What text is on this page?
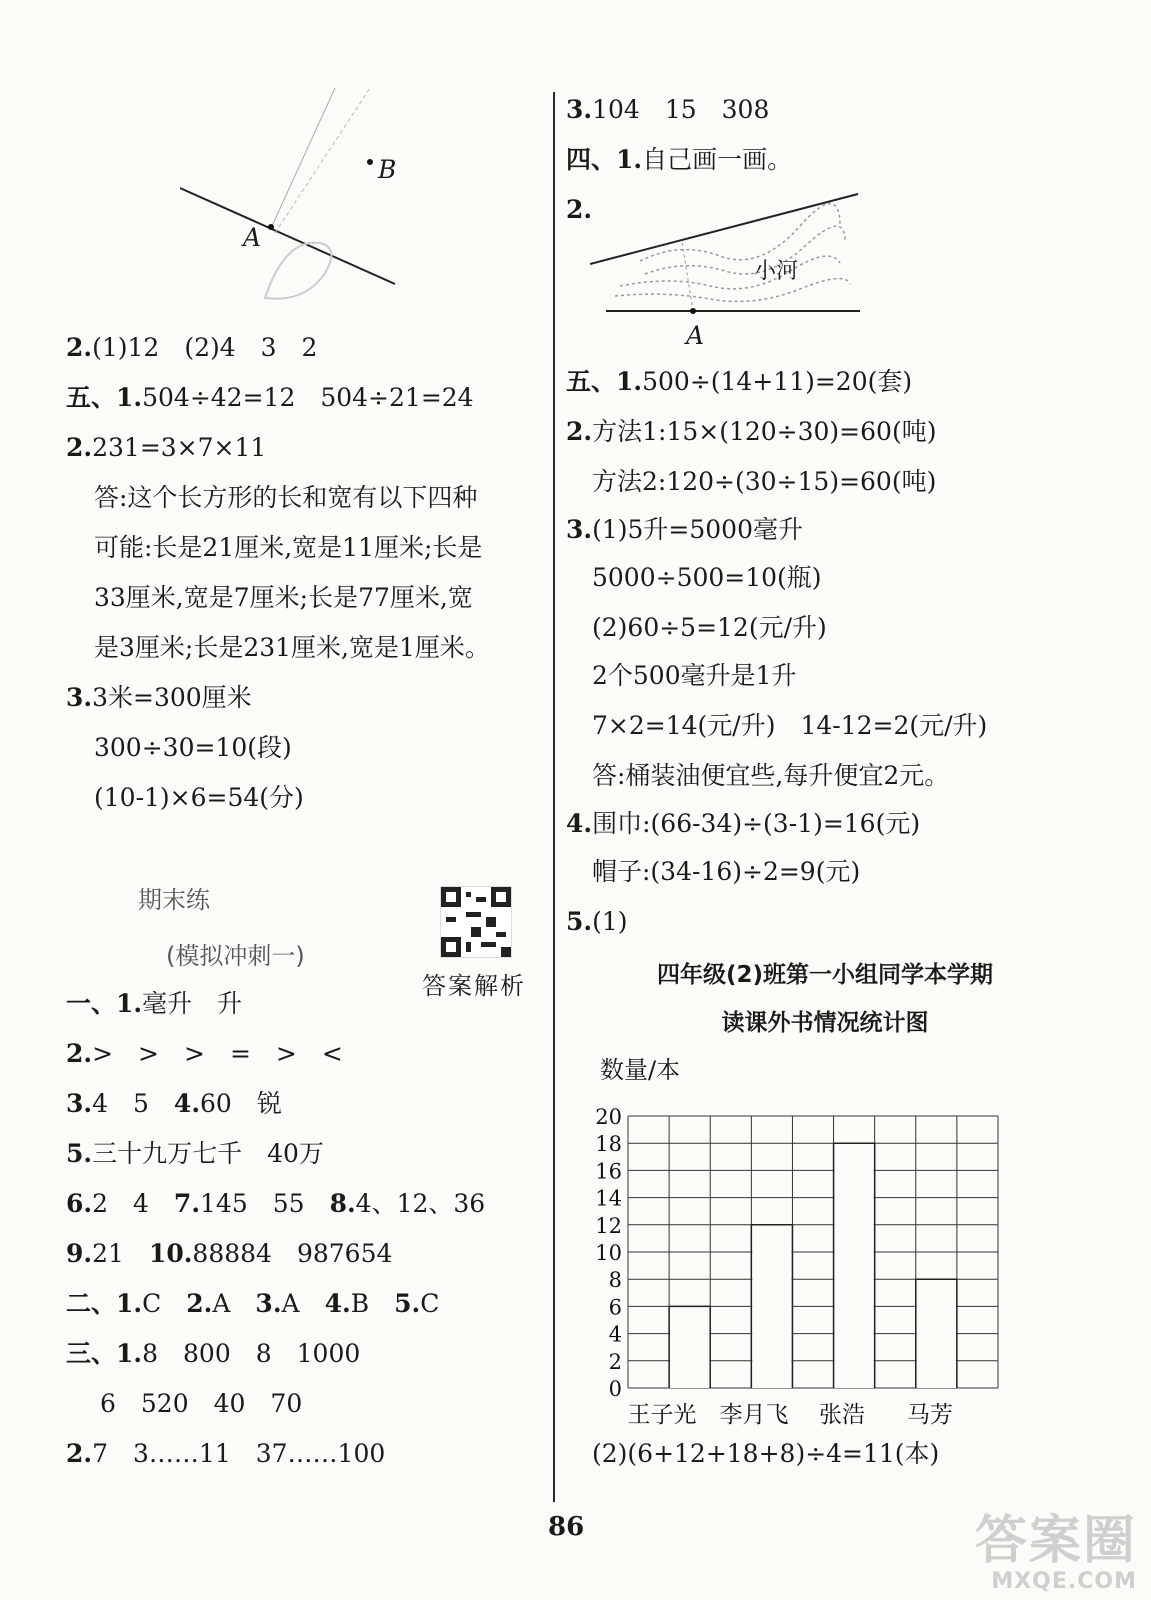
A
B
2.(1)12　(2)4　3　2
五、1.504÷42=12　504÷21=24
2.231=3×7×11
答:这个长方形的长和宽有以下四种
可能:长是21厘米,宽是11厘米;长是
33厘米,宽是7厘米;长是77厘米,宽
是3厘米;长是231厘米,宽是1厘米。
3.3米=300厘米
300÷30=10(段)
(10-1)×6=54(分)
期末练
(模拟冲刺一)
答案解析
一、1.毫升　升
2.>　>　>　=　>　<
3.4　5　4.60　锐
5.三十九万七千　40万
6.2　4　7.145　55　8.4、12、36
9.21　10.88884　987654
二、1.C　2.A　3.A　4.B　5.C
三、1.8　800　8　1000
6　520　40　70
2.7　3……11　37……100
3.104　15　308
四、1.自己画一画。
2.
小河
A
五、1.500÷(14+11)=20(套)
2.方法1:15×(120÷30)=60(吨)
方法2:120÷(30÷15)=60(吨)
3.(1)5升=5000毫升
5000÷500=10(瓶)
(2)60÷5=12(元/升)
2个500毫升是1升
7×2=14(元/升)　14-12=2(元/升)
答:桶装油便宜些,每升便宜2元。
4.围巾:(66-34)÷(3-1)=16(元)
帽子:(34-16)÷2=9(元)
5.(1)
四年级(2)班第一小组同学本学期
读课外书情况统计图
数量/本
0
2
4
6
8
10
12
14
16
18
20
王子光 李月飞 张浩 马芳
(2)(6+12+18+8)÷4=11(本)
86	答案圈
MXQE.COM
